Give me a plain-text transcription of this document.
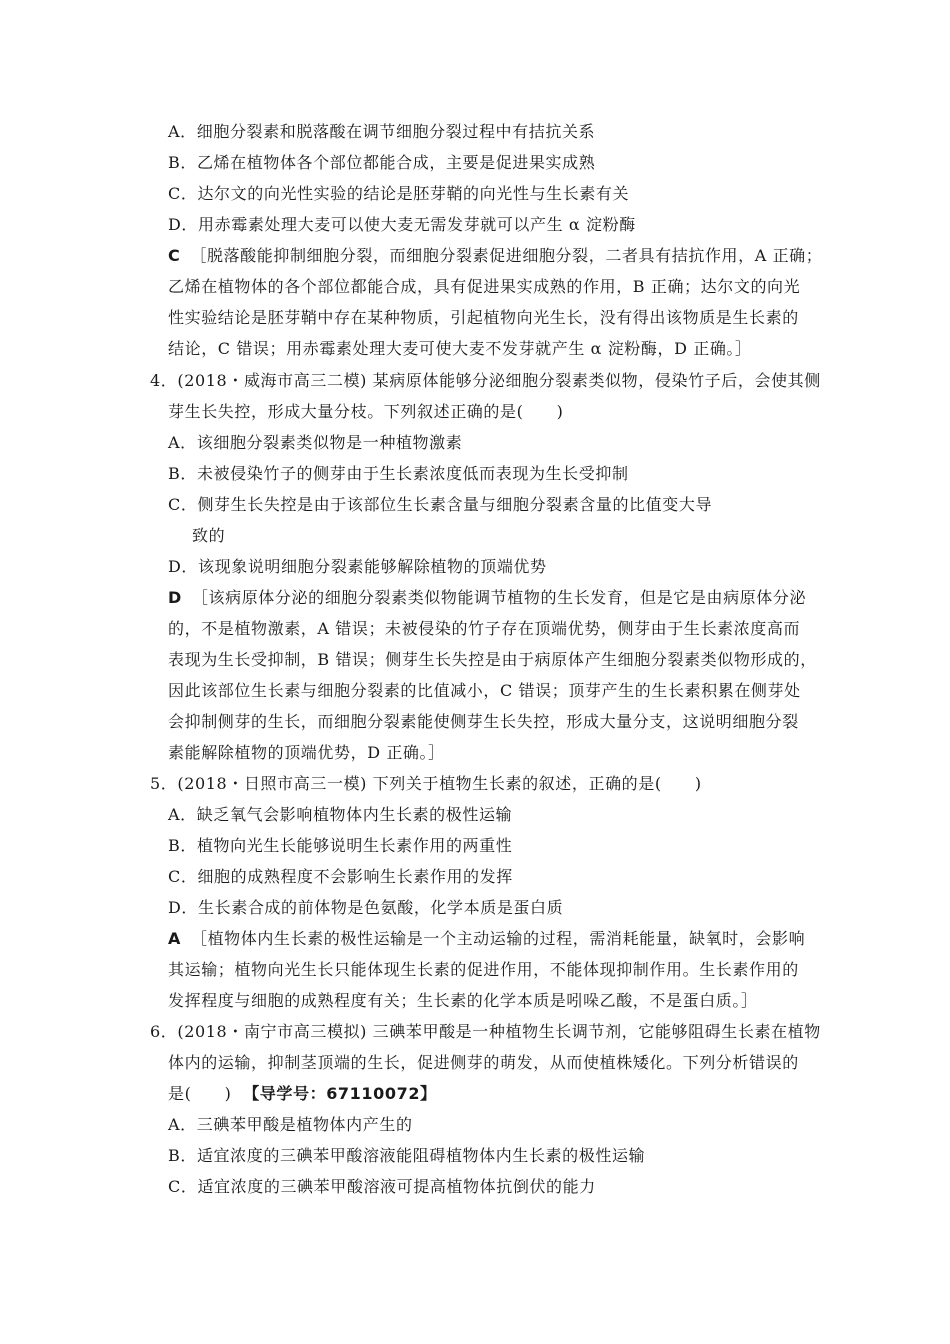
A．细胞分裂素和脱落酸在调节细胞分裂过程中有拮抗关系
B．乙烯在植物体各个部位都能合成，主要是促进果实成熟
C．达尔文的向光性实验的结论是胚芽鞘的向光性与生长素有关
D．用赤霉素处理大麦可以使大麦无需发芽就可以产生 α 淀粉酶
C ［脱落酸能抑制细胞分裂，而细胞分裂素促进细胞分裂，二者具有拮抗作用，A 正确；
乙烯在植物体的各个部位都能合成，具有促进果实成熟的作用，B 正确；达尔文的向光
性实验结论是胚芽鞘中存在某种物质，引起植物向光生长，没有得出该物质是生长素的
结论，C 错误；用赤霉素处理大麦可使大麦不发芽就产生 α 淀粉酶，D 正确。］
4．(2018・威海市高三二模) 某病原体能够分泌细胞分裂素类似物，侵染竹子后，会使其侧
芽生长失控，形成大量分枝。下列叙述正确的是(　　)
A．该细胞分裂素类似物是一种植物激素
B．未被侵染竹子的侧芽由于生长素浓度低而表现为生长受抑制
C．侧芽生长失控是由于该部位生长素含量与细胞分裂素含量的比值变大导
致的
D．该现象说明细胞分裂素能够解除植物的顶端优势
D ［该病原体分泌的细胞分裂素类似物能调节植物的生长发育，但是它是由病原体分泌
的，不是植物激素，A 错误；未被侵染的竹子存在顶端优势，侧芽由于生长素浓度高而
表现为生长受抑制，B 错误；侧芽生长失控是由于病原体产生细胞分裂素类似物形成的，
因此该部位生长素与细胞分裂素的比值减小，C 错误；顶芽产生的生长素积累在侧芽处
会抑制侧芽的生长，而细胞分裂素能使侧芽生长失控，形成大量分支，这说明细胞分裂
素能解除植物的顶端优势，D 正确。］
5．(2018・日照市高三一模) 下列关于植物生长素的叙述，正确的是(　　)
A．缺乏氧气会影响植物体内生长素的极性运输
B．植物向光生长能够说明生长素作用的两重性
C．细胞的成熟程度不会影响生长素作用的发挥
D．生长素合成的前体物是色氨酸，化学本质是蛋白质
A ［植物体内生长素的极性运输是一个主动运输的过程，需消耗能量，缺氧时，会影响
其运输；植物向光生长只能体现生长素的促进作用，不能体现抑制作用。生长素作用的
发挥程度与细胞的成熟程度有关；生长素的化学本质是吲哚乙酸，不是蛋白质。］
6．(2018・南宁市高三模拟) 三碘苯甲酸是一种植物生长调节剂，它能够阻碍生长素在植物
体内的运输，抑制茎顶端的生长，促进侧芽的萌发，从而使植株矮化。下列分析错误的
是(　　) 【导学号：67110072】
A．三碘苯甲酸是植物体内产生的
B．适宜浓度的三碘苯甲酸溶液能阻碍植物体内生长素的极性运输
C．适宜浓度的三碘苯甲酸溶液可提高植物体抗倒伏的能力
